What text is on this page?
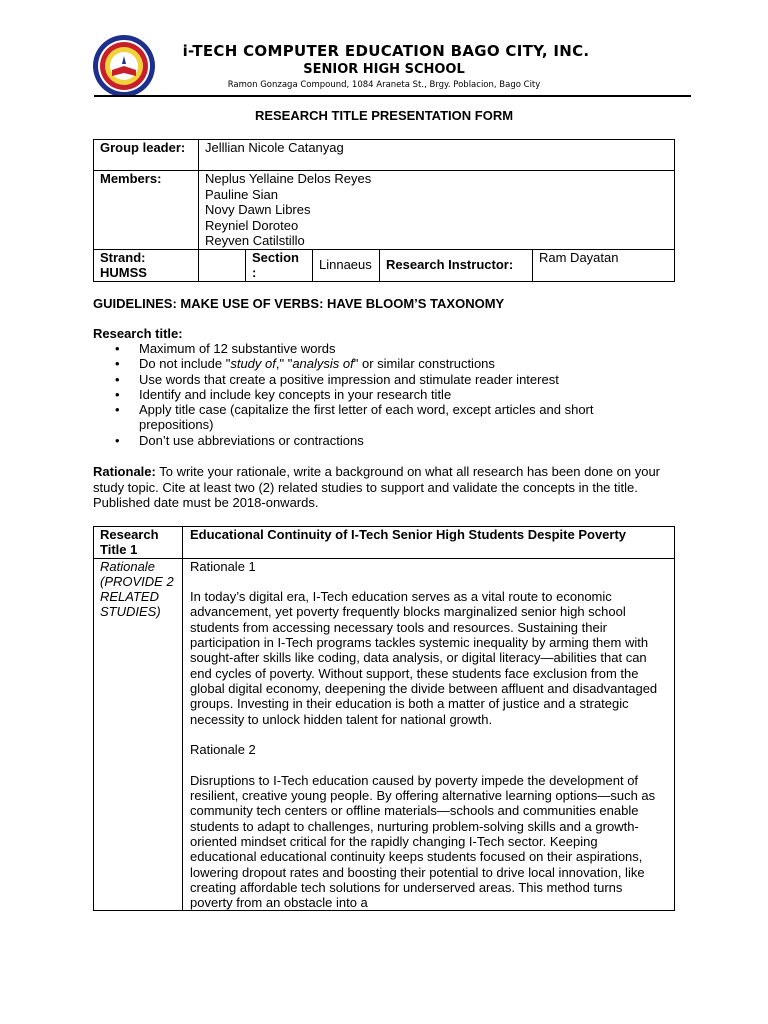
i-TECH COMPUTER EDUCATION BAGO CITY, INC.
SENIOR HIGH SCHOOL
Ramon Gonzaga Compound, 1084 Araneta St., Brgy. Poblacion, Bago City
RESEARCH TITLE PRESENTATION FORM
Group leader:	Jelllian Nicole Catanyag				
Members:	Neplus Yellaine Delos Reyes
Pauline Sian
Novy Dawn Libres
Reyniel Doroteo
Reyven Catilstillo				

Strand: HUMSS		Section :	Linnaeus	Research Instructor:	Ram Dayatan
GUIDELINES: MAKE USE OF VERBS: HAVE BLOOM’S TAXONOMY
Research title:
• Maximum of 12 substantive words
• Do not include "study of," "analysis of" or similar constructions
• Use words that create a positive impression and stimulate reader interest
• Identify and include key concepts in your research title
• Apply title case (capitalize the first letter of each word, except articles and short prepositions)
• Don’t use abbreviations or contractions
Rationale: To write your rationale, write a background on what all research has been done on your study topic. Cite at least two (2) related studies to support and validate the concepts in the title. Published date must be 2018-onwards.
Research Title 1	Educational Continuity of I-Tech Senior High Students Despite Poverty
Rationale (PROVIDE 2 RELATED STUDIES)	Rationale 1

In today’s digital era, I-Tech education serves as a vital route to economic advancement, yet poverty frequently blocks marginalized senior high school students from accessing necessary tools and resources. Sustaining their participation in I-Tech programs tackles systemic inequality by arming them with sought-after skills like coding, data analysis, or digital literacy—abilities that can end cycles of poverty. Without support, these students face exclusion from the global digital economy, deepening the divide between affluent and disadvantaged groups. Investing in their education is both a matter of justice and a strategic necessity to unlock hidden talent for national growth.

Rationale 2

Disruptions to I-Tech education caused by poverty impede the development of resilient, creative young people. By offering alternative learning options—such as community tech centers or offline materials—schools and communities enable students to adapt to challenges, nurturing problem-solving skills and a growth-oriented mindset critical for the rapidly changing I-Tech sector. Keeping educational educational continuity keeps students focused on their aspirations, lowering dropout rates and boosting their potential to drive local innovation, like creating affordable tech solutions for underserved areas. This method turns poverty from an obstacle into a
